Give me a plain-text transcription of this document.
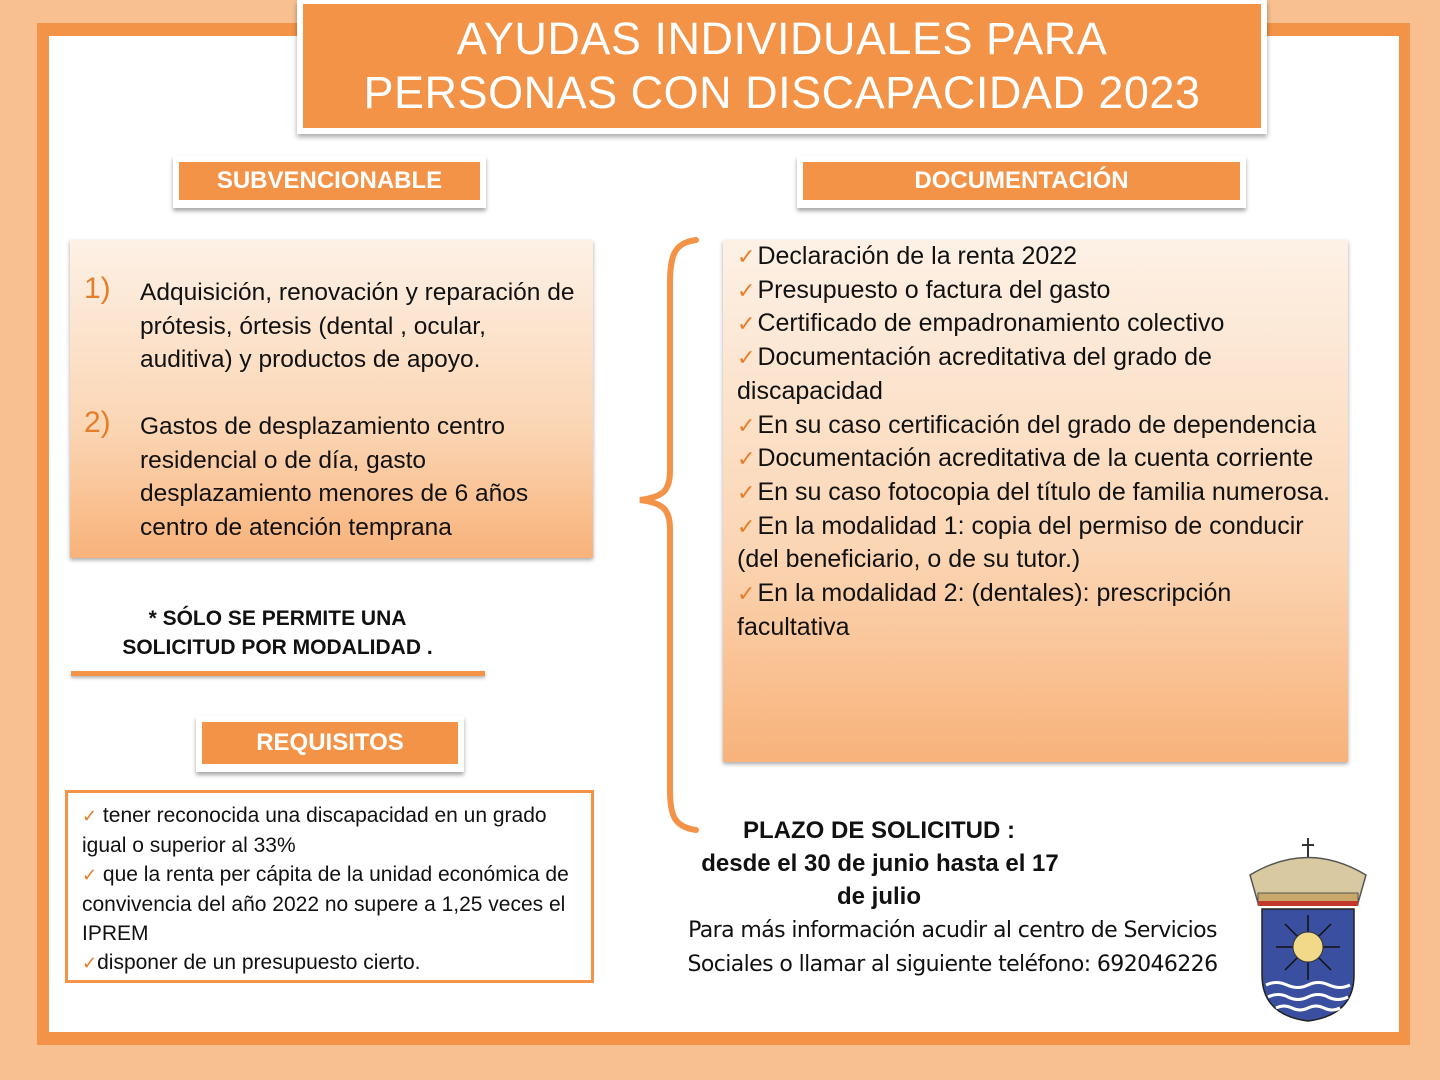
AYUDAS INDIVIDUALES PARA
PERSONAS CON DISCAPACIDAD 2023
SUBVENCIONABLE	DOCUMENTACIÓN
1) Adquisición, renovación y reparación de prótesis, órtesis (dental , ocular, auditiva) y productos de apoyo.
2) Gastos de desplazamiento centro residencial o de día, gasto desplazamiento menores de 6 años centro de atención temprana
* SÓLO SE PERMITE UNA
SOLICITUD POR MODALIDAD .
REQUISITOS
✓ tener reconocida una discapacidad en un grado igual o superior al 33%
✓ que la renta per cápita de la unidad económica de convivencia del año 2022 no supere a 1,25 veces el IPREM
✓disponer de un presupuesto cierto.

✓Declaración de la renta 2022

✓Presupuesto o factura del gasto

✓Certificado de empadronamiento colectivo

✓Documentación acreditativa del grado de discapacidad

✓En su caso certificación del grado de dependencia

✓Documentación acreditativa de la cuenta corriente

✓En su caso fotocopia del título de familia numerosa.

✓En la modalidad 1: copia del permiso de conducir (del beneficiario, o de su tutor.)

✓En la modalidad 2: (dentales): prescripción facultativa

PLAZO DE SOLICITUD :
desde el 30 de junio hasta el 17
de julio
Para más información acudir al centro de Servicios
Sociales o llamar al siguiente teléfono: 692046226
